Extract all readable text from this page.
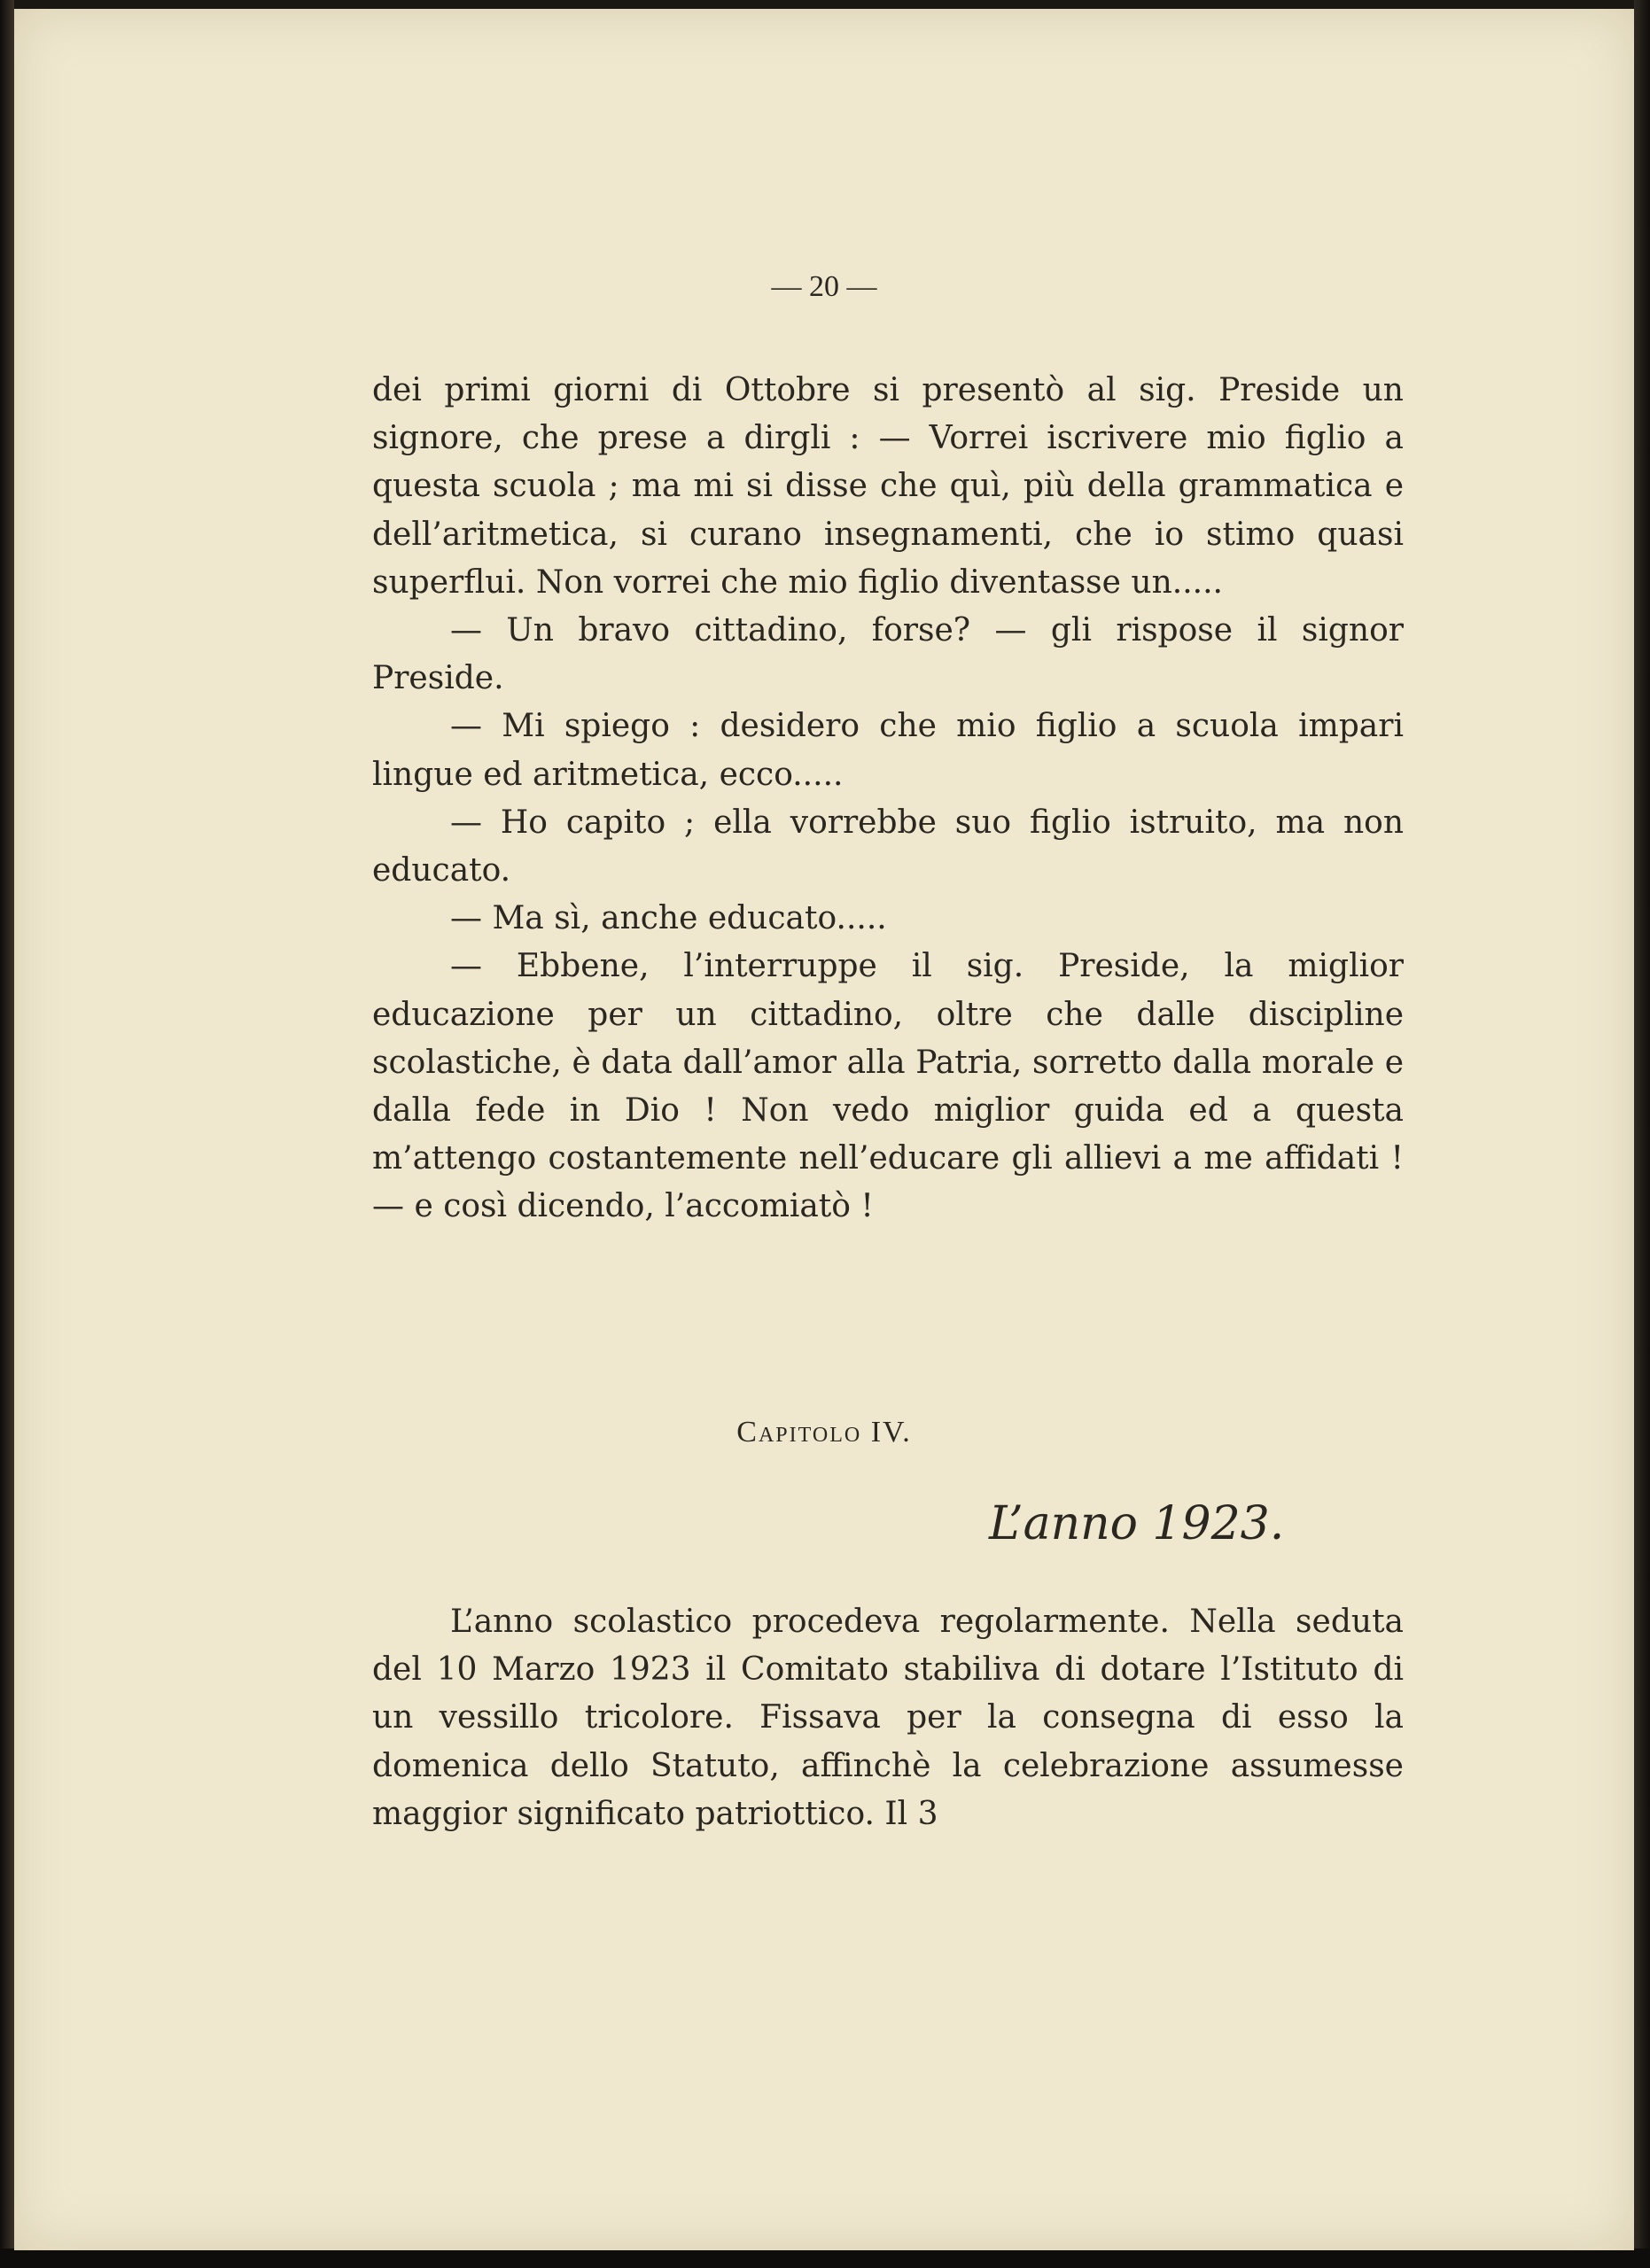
— 20 —

dei primi giorni di Ottobre si presentò al sig. Preside un signore, che prese a dirgli : — Vorrei iscrivere mio figlio a questa scuola ; ma mi si disse che quì, più della grammatica e dell’aritmetica, si curano insegnamenti, che io stimo quasi superflui. Non vorrei che mio figlio diventasse un.....

— Un bravo cittadino, forse? — gli rispose il signor Preside.

— Mi spiego : desidero che mio figlio a scuola impari lingue ed aritmetica, ecco.....

— Ho capito ; ella vorrebbe suo figlio istruito, ma non educato.

— Ma sì, anche educato.....

— Ebbene, l’interruppe il sig. Preside, la miglior educazione per un cittadino, oltre che dalle discipline scolastiche, è data dall’amor alla Patria, sorretto dalla morale e dalla fede in Dio ! Non vedo miglior guida ed a questa m’attengo costantemente nell’educare gli allievi a me affidati ! — e così dicendo, l’accomiatò !

Capitolo IV.
L’anno 1923.

L’anno scolastico procedeva regolarmente. Nella seduta del 10 Marzo 1923 il Comitato stabiliva di dotare l’Istituto di un vessillo tricolore. Fissava per la consegna di esso la domenica dello Statuto, affinchè la celebrazione assumesse maggior significato patriottico. Il 3
